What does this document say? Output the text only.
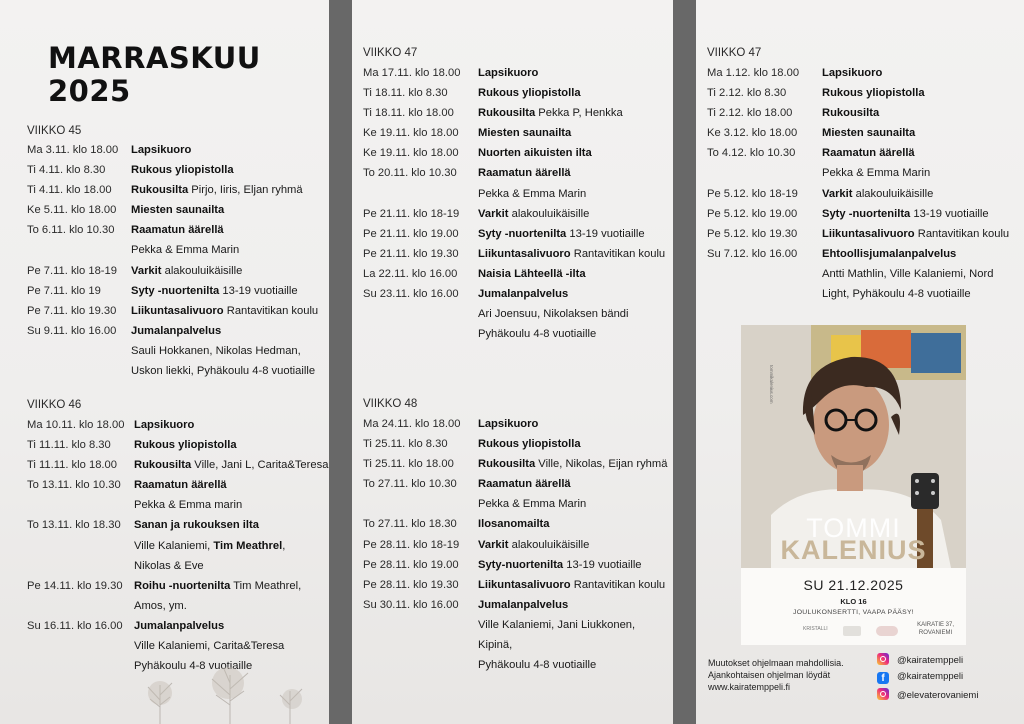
MARRASKUU
2025
VIIKKO 45
Ma 3.11. klo 18.00 Lapsikuoro
Ti 4.11. klo 8.30 Rukous yliopistolla
Ti 4.11. klo 18.00 Rukousilta Pirjo, Iiris, Eljan ryhmä
Ke 5.11. klo 18.00 Miesten saunailta
To 6.11. klo 10.30 Raamatun äärellä
Pekka & Emma Marin
Pe 7.11. klo 18-19 Varkit alakouluikäisille
Pe 7.11. klo 19	Syty -nuortenilta 13-19 vuotiaille
Pe 7.11. klo 19.30 Liikuntasalivuoro Rantavitikan koulu
Su 9.11. klo 16.00 Jumalanpalvelus
Sauli Hokkanen, Nikolas Hedman,
Uskon liekki, Pyhäkoulu 4-8 vuotiaille
VIIKKO 46
Ma 10.11. klo 18.00 Lapsikuoro
Ti 11.11. klo 8.30 Rukous yliopistolla
Ti 11.11. klo 18.00 Rukousilta Ville, Jani L, Carita&Teresa
To 13.11. klo 10.30 Raamatun äärellä
Pekka & Emma marin
To 13.11. klo 18.30 Sanan ja rukouksen ilta
Ville Kalaniemi, Tim Meathrel,
Nikolas & Eve
Pe 14.11. klo 19.30 Roihu -nuortenilta Tim Meathrel,
Amos, ym.
Su 16.11. klo 16.00 Jumalanpalvelus
Ville Kalaniemi, Carita&Teresa
Pyhäkoulu 4-8 vuotiaille
VIIKKO 47
Ma 17.11. klo 18.00 Lapsikuoro
Ti 18.11. klo 8.30	Rukous yliopistolla
Ti 18.11. klo 18.00 Rukousilta Pekka P, Henkka
Ke 19.11. klo 18.00 Miesten saunailta
Ke 19.11. klo 18.00 Nuorten aikuisten ilta
To 20.11. klo 10.30 Raamatun äärellä
Pekka & Emma Marin
Pe 21.11. klo 18-19 Varkit alakouluikäisille
Pe 21.11. klo 19.00 Syty -nuortenilta 13-19 vuotiaille
Pe 21.11. klo 19.30 Liikuntasalivuoro Rantavitikan koulu
La 22.11. klo 16.00 Naisia Lähteellä -ilta
Su 23.11. klo 16.00 Jumalanpalvelus
Ari Joensuu, Nikolaksen bändi
Pyhäkoulu 4-8 vuotiaille
VIIKKO 48
Ma 24.11. klo 18.00 Lapsikuoro
Ti 25.11. klo 8.30	Rukous yliopistolla
Ti 25.11. klo 18.00 Rukousilta Ville, Nikolas, Eijan ryhmä
To 27.11. klo 10.30 Raamatun äärellä
Pekka & Emma Marin
To 27.11. klo 18.30 Ilosanomailta
Pe 28.11. klo 18-19 Varkit alakouluikäisille
Pe 28.11. klo 19.00 Syty-nuortenilta 13-19 vuotiaille
Pe 28.11. klo 19.30 Liikuntasalivuoro Rantavitikan koulu
Su 30.11. klo 16.00 Jumalanpalvelus
Ville Kalaniemi, Jani Liukkonen,
Kipinä,
Pyhäkoulu 4-8 vuotiaille
VIIKKO 47
Ma 1.12. klo 18.00 Lapsikuoro
Ti 2.12. klo 8.30	Rukous yliopistolla
Ti 2.12. klo 18.00	Rukousilta
Ke 3.12. klo 18.00 Miesten saunailta
To 4.12. klo 10.30 Raamatun äärellä
Pekka & Emma Marin
Pe 5.12. klo 18-19 Varkit alakouluikäisille
Pe 5.12. klo 19.00 Syty -nuortenilta 13-19 vuotiaille
Pe 5.12. klo 19.30 Liikuntasalivuoro Rantavitikan koulu
Su 7.12. klo 16.00 Ehtoollisjumalanpalvelus
Antti Mathlin, Ville Kalaniemi, Nord
Light, Pyhäkoulu 4-8 vuotiaille
tommikalenius.com
TOMMI
KALENIUS
SU 21.12.2025
KLO 16
JOULUKONSERTTI, VAAPA PÄÄSY!
KRISTALLI
KAIRATIE 37,
ROVANIEMI
Muutokset ohjelmaan mahdollisia.
Ajankohtaisen ohjelman löydät
www.kairatemppeli.fi
@kairatemppeli
f @kairatemppeli
@elevaterovaniemi
